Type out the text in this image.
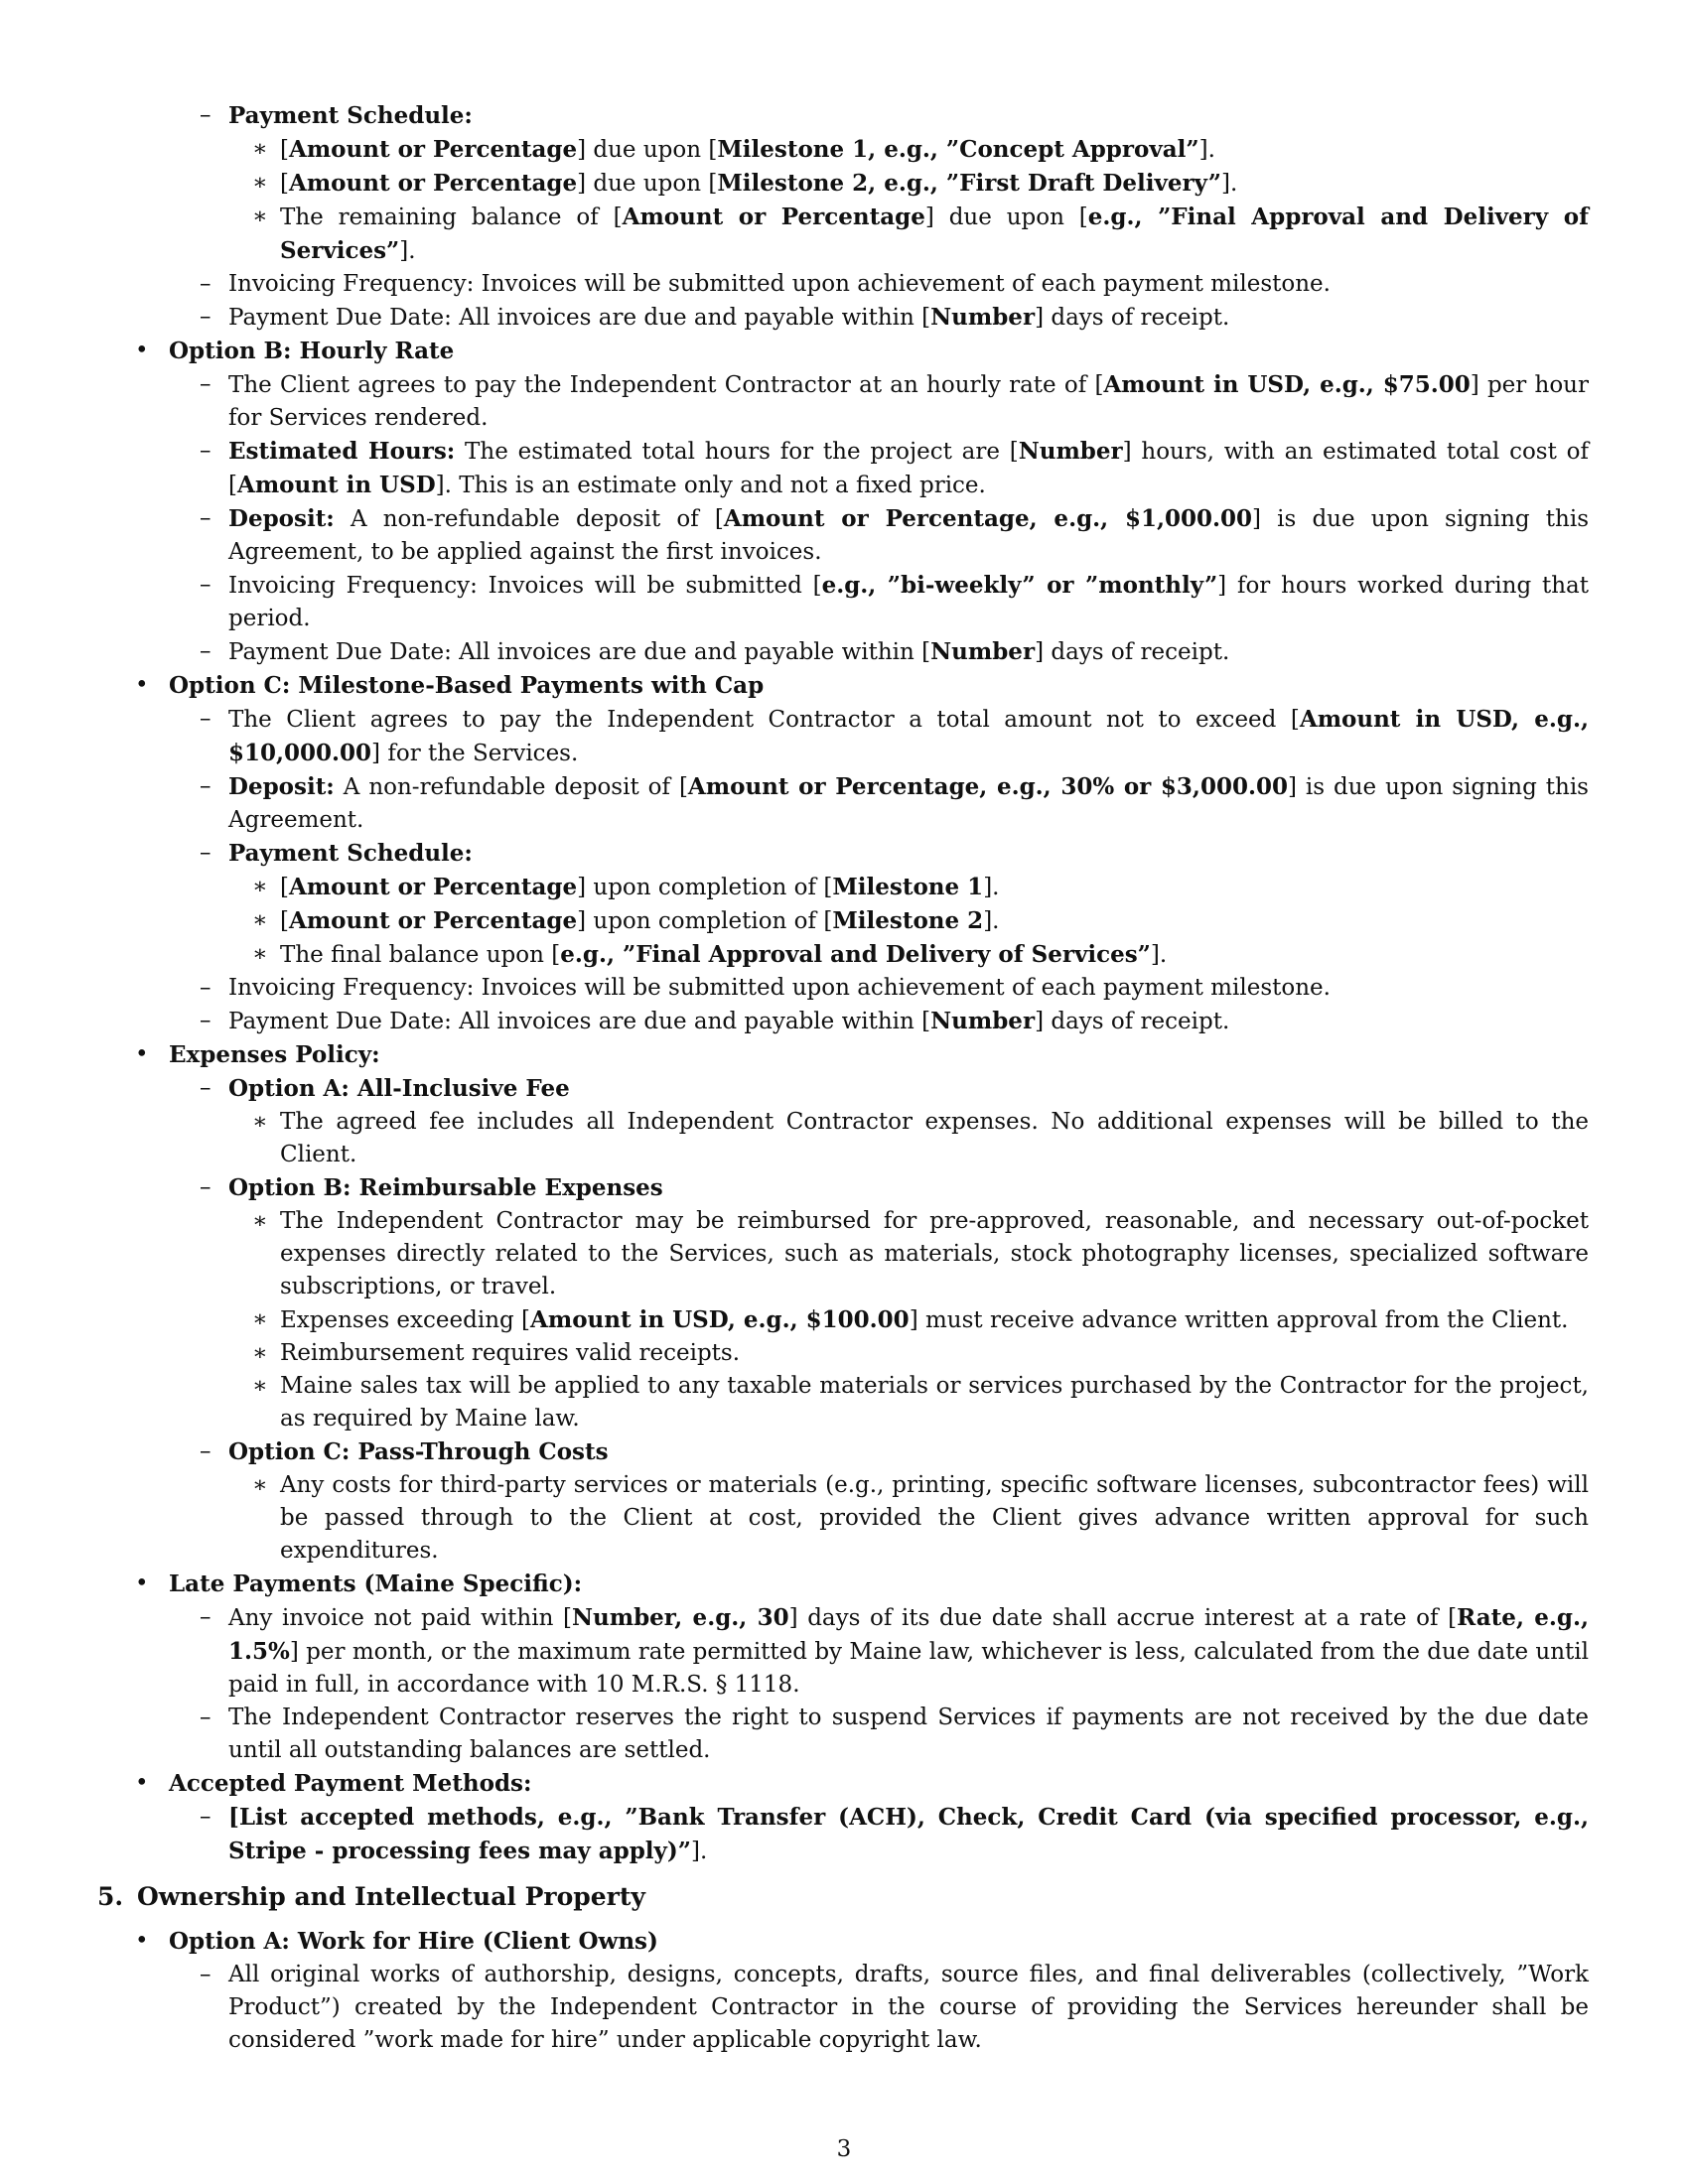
– Payment Schedule:
∗ [Amount or Percentage] due upon [Milestone 1, e.g., ”Concept Approval”].
∗ [Amount or Percentage] due upon [Milestone 2, e.g., ”First Draft Delivery”].
∗ The remaining balance of [Amount or Percentage] due upon [e.g., ”Final Approval and Delivery of Services”].
– Invoicing Frequency: Invoices will be submitted upon achievement of each payment milestone.
– Payment Due Date: All invoices are due and payable within [Number] days of receipt.
• Option B: Hourly Rate
– The Client agrees to pay the Independent Contractor at an hourly rate of [Amount in USD, e.g., $75.00] per hour for Services rendered.
– Estimated Hours: The estimated total hours for the project are [Number] hours, with an estimated total cost of [Amount in USD]. This is an estimate only and not a fixed price.
– Deposit: A non-refundable deposit of [Amount or Percentage, e.g., $1,000.00] is due upon signing this Agreement, to be applied against the first invoices.
– Invoicing Frequency: Invoices will be submitted [e.g., ”bi-weekly” or ”monthly”] for hours worked during that period.
– Payment Due Date: All invoices are due and payable within [Number] days of receipt.
• Option C: Milestone-Based Payments with Cap
– The Client agrees to pay the Independent Contractor a total amount not to exceed [Amount in USD, e.g., $10,000.00] for the Services.
– Deposit: A non-refundable deposit of [Amount or Percentage, e.g., 30% or $3,000.00] is due upon signing this Agreement.
– Payment Schedule:
∗ [Amount or Percentage] upon completion of [Milestone 1].
∗ [Amount or Percentage] upon completion of [Milestone 2].
∗ The final balance upon [e.g., ”Final Approval and Delivery of Services”].
– Invoicing Frequency: Invoices will be submitted upon achievement of each payment milestone.
– Payment Due Date: All invoices are due and payable within [Number] days of receipt.
• Expenses Policy:
– Option A: All-Inclusive Fee
∗ The agreed fee includes all Independent Contractor expenses. No additional expenses will be billed to the Client.
– Option B: Reimbursable Expenses
∗ The Independent Contractor may be reimbursed for pre-approved, reasonable, and necessary out-of-pocket expenses directly related to the Services, such as materials, stock photography licenses, specialized software subscriptions, or travel.
∗ Expenses exceeding [Amount in USD, e.g., $100.00] must receive advance written approval from the Client.
∗ Reimbursement requires valid receipts.
∗ Maine sales tax will be applied to any taxable materials or services purchased by the Contractor for the project, as required by Maine law.
– Option C: Pass-Through Costs
∗ Any costs for third-party services or materials (e.g., printing, specific software licenses, subcontractor fees) will be passed through to the Client at cost, provided the Client gives advance written approval for such expenditures.
• Late Payments (Maine Specific):
– Any invoice not paid within [Number, e.g., 30] days of its due date shall accrue interest at a rate of [Rate, e.g., 1.5%] per month, or the maximum rate permitted by Maine law, whichever is less, calculated from the due date until paid in full, in accordance with 10 M.R.S. § 1118.
– The Independent Contractor reserves the right to suspend Services if payments are not received by the due date until all outstanding balances are settled.
• Accepted Payment Methods:
– [List accepted methods, e.g., ”Bank Transfer (ACH), Check, Credit Card (via specified processor, e.g., Stripe - processing fees may apply)”].
5. Ownership and Intellectual Property
• Option A: Work for Hire (Client Owns)
– All original works of authorship, designs, concepts, drafts, source files, and final deliverables (collectively, ”Work Product”) created by the Independent Contractor in the course of providing the Services hereunder shall be considered ”work made for hire” under applicable copyright law.
3
